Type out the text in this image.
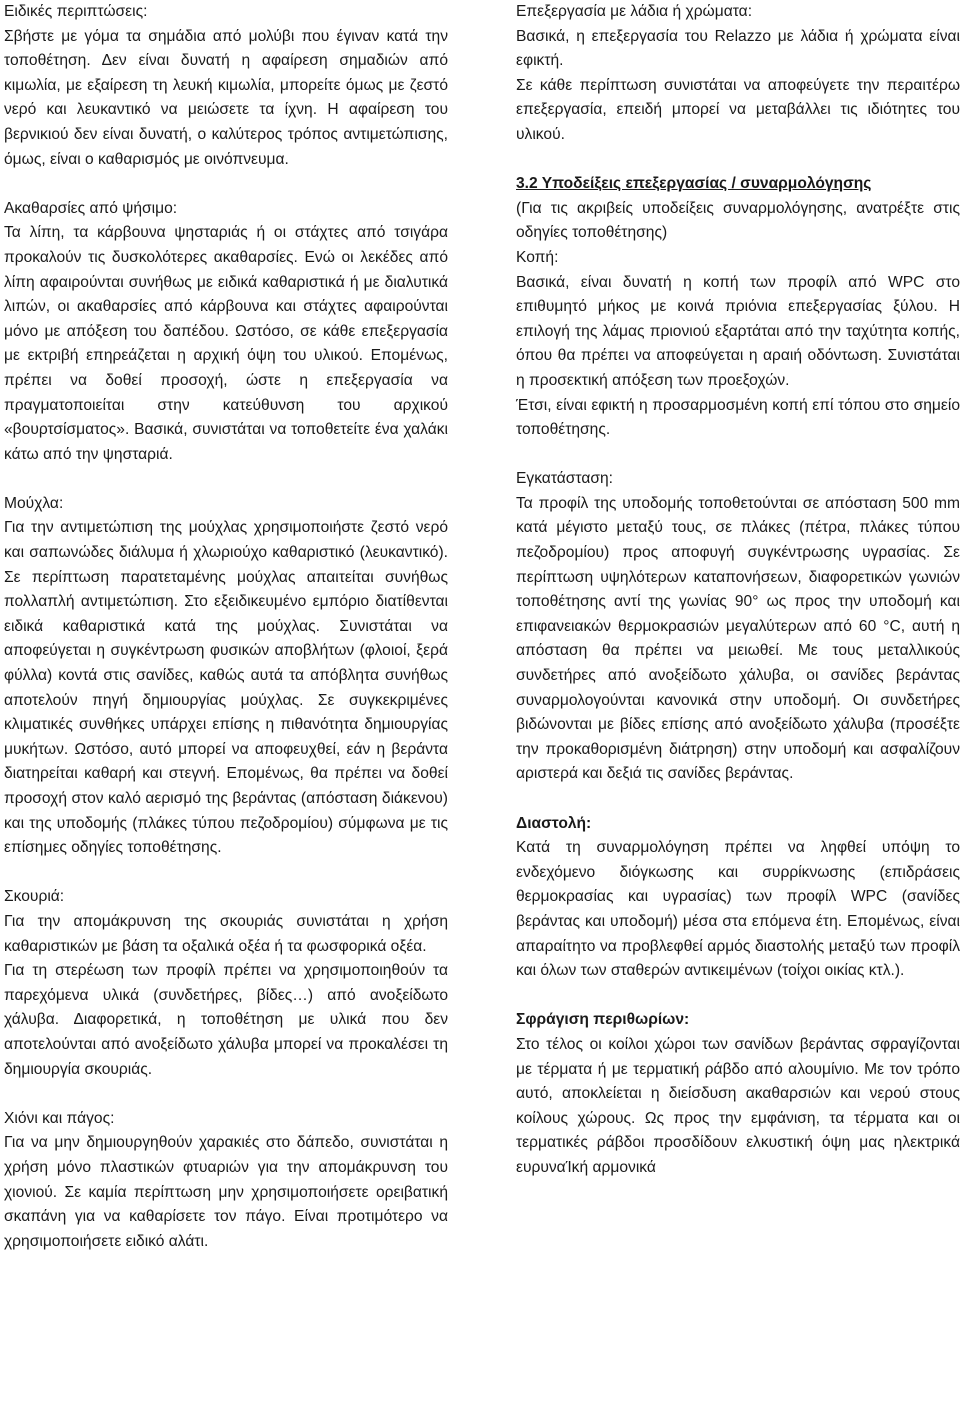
Ειδικές περιπτώσεις:

Σβήστε με γόμα τα σημάδια από μολύβι που έγιναν κατά την τοποθέτηση. Δεν είναι δυνατή η αφαίρεση σημαδιών από κιμωλία, με εξαίρεση τη λευκή κιμωλία, μπορείτε όμως με ζεστό νερό και λευκαντικό να μειώσετε τα ίχνη. Η αφαίρεση του βερνικιού δεν είναι δυνατή, ο καλύτερος τρόπος αντιμετώπισης, όμως, είναι ο καθαρισμός με οινόπνευμα.

Ακαθαρσίες από ψήσιμο:

Τα λίπη, τα κάρβουνα ψησταριάς ή οι στάχτες από τσιγάρα προκαλούν τις δυσκολότερες ακαθαρσίες. Ενώ οι λεκέδες από λίπη αφαιρούνται συνήθως με ειδικά καθαριστικά ή με διαλυτικά λιπών, οι ακαθαρσίες από κάρβουνα και στάχτες αφαιρούνται μόνο με απόξεση του δαπέδου. Ωστόσο, σε κάθε επεξεργασία με εκτριβή επηρεάζεται η αρχική όψη του υλικού. Επομένως, πρέπει να δοθεί προσοχή, ώστε η επεξεργασία να πραγματοποιείται στην κατεύθυνση του αρχικού «βουρτσίσματος». Βασικά, συνιστάται να τοποθετείτε ένα χαλάκι κάτω από την ψησταριά.

Μούχλα:

Για την αντιμετώπιση της μούχλας χρησιμοποιήστε ζεστό νερό και σαπωνώδες διάλυμα ή χλωριούχο καθαριστικό (λευκαντικό). Σε περίπτωση παρατεταμένης μούχλας απαιτείται συνήθως πολλαπλή αντιμετώπιση. Στο εξειδικευμένο εμπόριο διατίθενται ειδικά καθαριστικά κατά της μούχλας. Συνιστάται να αποφεύγεται η συγκέντρωση φυσικών αποβλήτων (φλοιοί, ξερά φύλλα) κοντά στις σανίδες, καθώς αυτά τα απόβλητα συνήθως αποτελούν πηγή δημιουργίας μούχλας. Σε συγκεκριμένες κλιματικές συνθήκες υπάρχει επίσης η πιθανότητα δημιουργίας μυκήτων. Ωστόσο, αυτό μπορεί να αποφευχθεί, εάν η βεράντα διατηρείται καθαρή και στεγνή. Επομένως, θα πρέπει να δοθεί προσοχή στον καλό αερισμό της βεράντας (απόσταση διάκενου) και της υποδομής (πλάκες τύπου πεζοδρομίου) σύμφωνα με τις επίσημες οδηγίες τοποθέτησης.

Σκουριά:

Για την απομάκρυνση της σκουριάς συνιστάται η χρήση καθαριστικών με βάση τα οξαλικά οξέα ή τα φωσφορικά οξέα.

Για τη στερέωση των προφίλ πρέπει να χρησιμοποιηθούν τα παρεχόμενα υλικά (συνδετήρες, βίδες…) από ανοξείδωτο χάλυβα. Διαφορετικά, η τοποθέτηση με υλικά που δεν αποτελούνται από ανοξείδωτο χάλυβα μπορεί να προκαλέσει τη δημιουργία σκουριάς.

Χιόνι και πάγος:

Για να μην δημιουργηθούν χαρακιές στο δάπεδο, συνιστάται η χρήση μόνο πλαστικών φτυαριών για την απομάκρυνση του χιονιού. Σε καμία περίπτωση μην χρησιμοποιήσετε ορειβατική σκαπάνη για να καθαρίσετε τον πάγο. Είναι προτιμότερο να χρησιμοποιήσετε ειδικό αλάτι.

Επεξεργασία με λάδια ή χρώματα:

Βασικά, η επεξεργασία του Relazzo με λάδια ή χρώματα είναι εφικτή.

Σε κάθε περίπτωση συνιστάται να αποφεύγετε την περαιτέρω επεξεργασία, επειδή μπορεί να μεταβάλλει τις ιδιότητες του υλικού.

3.2 Υποδείξεις επεξεργασίας / συναρμολόγησης

(Για τις ακριβείς υποδείξεις συναρμολόγησης, ανατρέξτε στις οδηγίες τοποθέτησης)

Κοπή:

Βασικά, είναι δυνατή η κοπή των προφίλ από WPC στο επιθυμητό μήκος με κοινά πριόνια επεξεργασίας ξύλου. Η επιλογή της λάμας πριονιού εξαρτάται από την ταχύτητα κοπής, όπου θα πρέπει να αποφεύγεται η αραιή οδόντωση. Συνιστάται η προσεκτική απόξεση των προεξοχών.

Έτσι, είναι εφικτή η προσαρμοσμένη κοπή επί τόπου στο σημείο τοποθέτησης.

Εγκατάσταση:

Τα προφίλ της υποδομής τοποθετούνται σε απόσταση 500 mm κατά μέγιστο μεταξύ τους, σε πλάκες (πέτρα, πλάκες τύπου πεζοδρομίου) προς αποφυγή συγκέντρωσης υγρασίας. Σε περίπτωση υψηλότερων καταπονήσεων, διαφορετικών γωνιών τοποθέτησης αντί της γωνίας 90° ως προς την υποδομή και επιφανειακών θερμοκρασιών μεγαλύτερων από 60 °C, αυτή η απόσταση θα πρέπει να μειωθεί. Με τους μεταλλικούς συνδετήρες από ανοξείδωτο χάλυβα, οι σανίδες βεράντας συναρμολογούνται κανονικά στην υποδομή. Οι συνδετήρες βιδώνονται με βίδες επίσης από ανοξείδωτο χάλυβα (προσέξτε την προκαθορισμένη διάτρηση) στην υποδομή και ασφαλίζουν αριστερά και δεξιά τις σανίδες βεράντας.

Διαστολή:

Κατά τη συναρμολόγηση πρέπει να ληφθεί υπόψη το ενδεχόμενο διόγκωσης και συρρίκνωσης (επιδράσεις θερμοκρασίας και υγρασίας) των προφίλ WPC (σανίδες βεράντας και υποδομή) μέσα στα επόμενα έτη. Επομένως, είναι απαραίτητο να προβλεφθεί αρμός διαστολής μεταξύ των προφίλ και όλων των σταθερών αντικειμένων (τοίχοι οικίας κτλ.).

Σφράγιση περιθωρίων:

Στο τέλος οι κοίλοι χώροι των σανίδων βεράντας σφραγίζονται με τέρματα ή με τερματική ράβδο από αλουμίνιο. Με τον τρόπο αυτό, αποκλείεται η διείσδυση ακαθαρσιών και νερού στους κοίλους χώρους. Ως προς την εμφάνιση, τα τέρματα και οι τερματικές ράβδοι προσδίδουν ελκυστική όψη μας ηλεκτρικά ευρυναΊκή αρμονικά
